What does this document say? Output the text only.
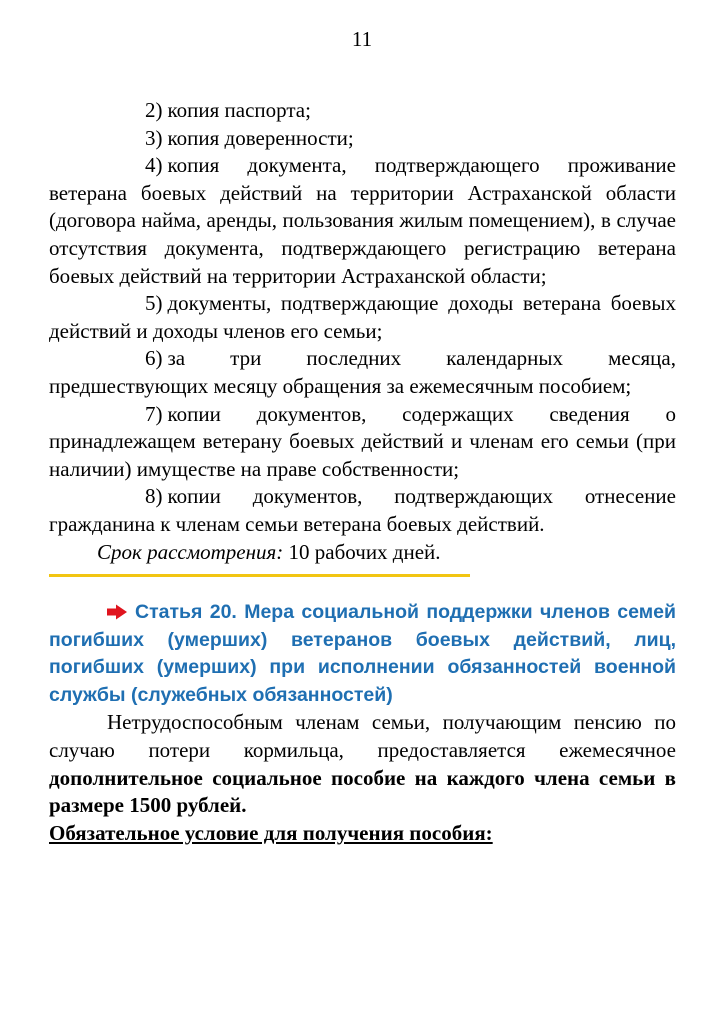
11

2) копия паспорта;

3) копия доверенности;

4) копия документа, подтверждающего проживание ветерана боевых действий на территории Астраханской области (договора найма, аренды, пользования жилым помещением), в случае отсутствия документа, подтверждающего регистрацию ветерана боевых действий на территории Астраханской области;

5) документы, подтверждающие доходы ветерана боевых действий и доходы членов его семьи;

6) за три последних календарных месяца, предшествующих месяцу обращения за ежемесячным пособием;

7) копии документов, содержащих сведения о принадлежащем ветерану боевых действий и членам его семьи (при наличии) имуществе на праве собственности;

8) копии документов, подтверждающих отнесение гражданина к членам семьи ветерана боевых действий.

Срок рассмотрения: 10 рабочих дней.

Статья 20. Мера социальной поддержки членов семей погибших (умерших) ветеранов боевых действий, лиц, погибших (умерших) при исполнении обязанностей военной службы (служебных обязанностей)

Нетрудоспособным членам семьи, получающим пенсию по случаю потери кормильца, предоставляется ежемесячное дополнительное социальное пособие на каждого члена семьи в размере 1500 рублей.

Обязательное условие для получения пособия:
